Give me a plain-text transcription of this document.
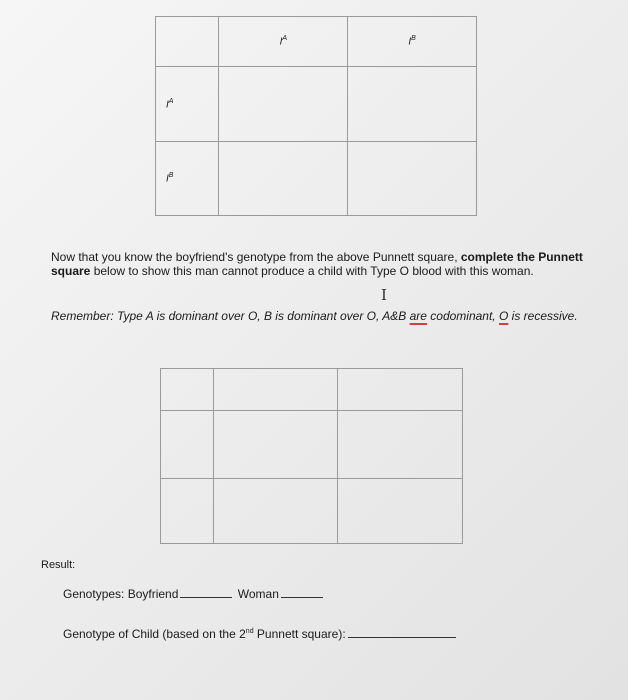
	$I^A$	$I^B$
$I^A$		
$I^B$		
Now that you know the boyfriend's genotype from the above Punnett square, complete the Punnett square below to show this man cannot produce a child with Type O blood with this woman.
I
Remember: Type A is dominant over O, B is dominant over O, A&B are codominant, O is recessive.

Result:
Genotypes: Boyfriend	Woman
Genotype of Child (based on the 2nd Punnett square):
